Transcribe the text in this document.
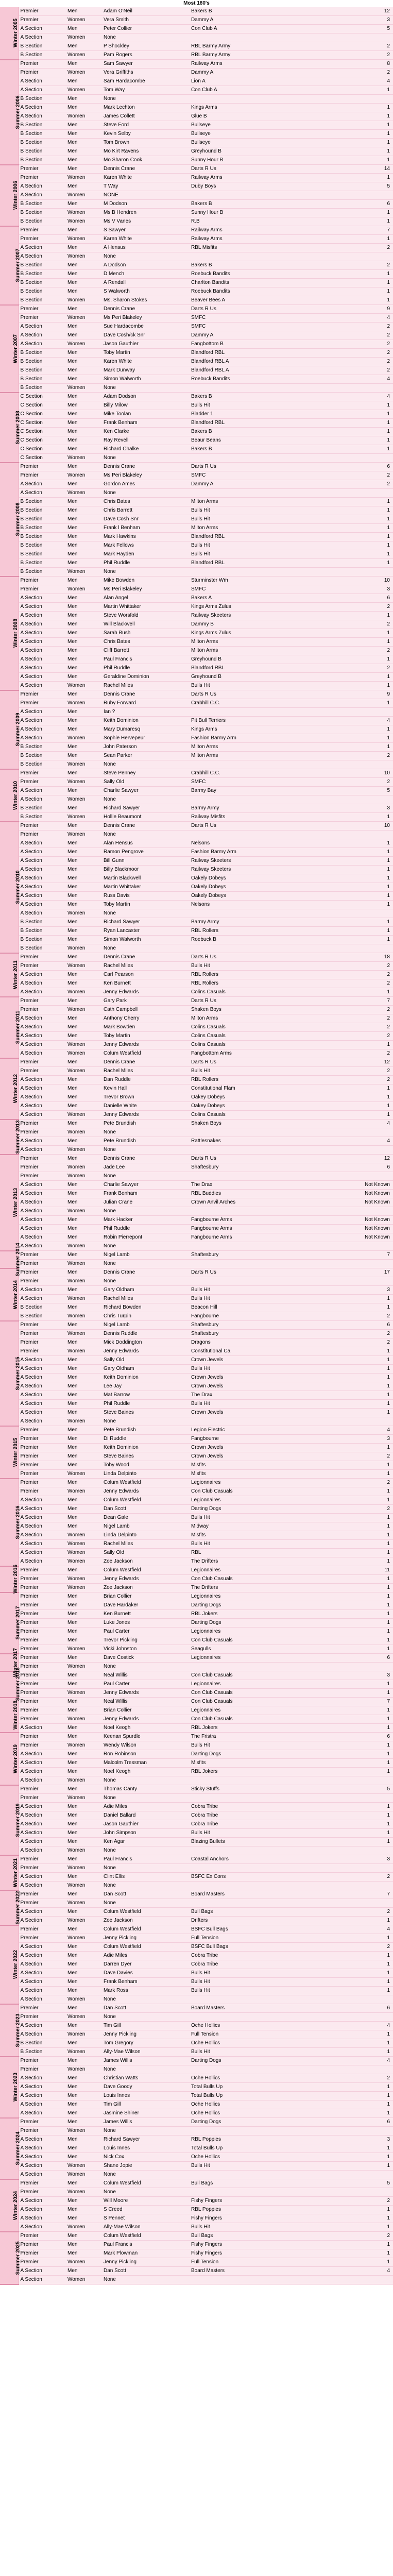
Most 180's
Winter 2005	Premier	Men	Adam O'Neil	Bakers B	12
	Premier	Women	Vera Smith	Dammy A	3
	A Section	Men	Peter Collier	Con Club A	5
	A Section	Women	None		
	B Section	Men	P Shockley	RBL Barmy Army	2
	B Section	Women	Pam Rogers	RBL Barmy Army	2
Summer 2006	Premier	Men	Sam Sawyer	Railway Arms	8
	Premier	Women	Vera Griffiths	Dammy A	2
	A Section	Men	Sam Hardacombe	Lion A	4
	A Section	Women	Tom Way	Con Club A	1
	B Section	Men	None		
	A Section	Men	Mark Lechton	Kings Arms	1
	A Section	Women	James Collett	Glue B	1
	B Section	Men	Steve Ford	Bullseye	1
	B Section	Men	Kevin Selby	Bullseye	1
	B Section	Men	Tom Brown	Bullseye	1
	B Section	Men	Mo Kirt Ravens	Greyhound B	1
	B Section	Men	Mo Sharon Cook	Sunny Hour B	1
Winter 2006	Premier	Men	Dennis Crane	Darts R Us	14
	Premier	Women	Karen White	Railway Arms	1
	A Section	Men	T Way	Duby Boys	5
	A Section	Women	NONE		
	B Section	Men	M Dodson	Bakers B	6
	B Section	Women	Ms B Hendren	Sunny Hour B	1
	B Section	Women	Ms V Vanes	R.B	1
Summer 2007	Premier	Men	S Sawyer	Railway Arms	7
	Premier	Women	Karen White	Railway Arms	1
	A Section	Men	A Hensus	RBL Misfits	2
	A Section	Women	None		
	B Section	Men	A Dodson	Bakers B	2
	B Section	Men	D Mench	Roebuck Bandits	1
	B Section	Men	A Rendall	Charlton Bandits	1
	B Section	Men	S Walworth	Roebuck Bandits	1
	B Section	Women	Ms. Sharon Stokes	Beaver Bees A	1
Winter 2007	Premier	Men	Dennis Crane	Darts R Us	9
	Premier	Women	Ms Peri Blakeley	SMFC	4
	A Section	Men	Sue Hardacombe	SMFC	2
	A Section	Men	Dave Cosh/ck Snr	Dammy A	2
	A Section	Women	Jason Gauthier	Fangbottom B	2
	B Section	Men	Toby Martin	Blandford RBL	2
	B Section	Men	Karen White	Blandford RBL A	2
	B Section	Men	Mark Dunway	Blandford RBL A	2
	B Section	Men	Simon Walworth	Roebuck Bandits	4
	B Section	Women	None		
Summer 2008	C Section	Men	Adam Dodson	Bakers B	4
	C Section	Men	Billy Milow	Bulls Hit	1
	C Section	Men	Mike Toolan	Bladder 1	1
	C Section	Men	Frank Benham	Blandford RBL	1
	C Section	Men	Ken Clarke	Bakers B	1
	C Section	Men	Ray Revell	Beaur Beans	1
	C Section	Men	Richard Chalke	Bakers B	1
	C Section	Women	None		
Summer 2008	Premier	Men	Dennis Crane	Darts R Us	6
	Premier	Women	Ms Peri Blakeley	SMFC	2
	A Section	Men	Gordon Ames	Dammy A	2
	A Section	Women	None		
	B Section	Men	Chris Bates	Milton Arms	1
	B Section	Men	Chris Barrett	Bulls Hit	1
	B Section	Men	Dave Cosh Snr	Bulls Hit	1
	B Section	Men	Frank l Benham	Milton Arms	1
	B Section	Men	Mark Hawkins	Blandford RBL	1
	B Section	Men	Mark Fellows	Bulls Hit	1
	B Section	Men	Mark Hayden	Bulls Hit	1
	B Section	Men	Phil Ruddle	Blandford RBL	1
	B Section	Women	None		
Winter 2008	Premier	Men	Mike Bowden	Sturminster Wm	10
	Premier	Women	Ms Peri Blakeley	SMFC	3
	A Section	Men	Alan Angel	Bakers A	6
	A Section	Men	Martin Whittaker	Kings Arms Zulus	2
	A Section	Men	Steve Worsfold	Railway Skeeters	1
	A Section	Men	Will Blackwell	Dammy B	2
	A Section	Men	Sarah Bush	Kings Arms Zulus	1
	A Section	Men	Chris Bates	Milton Arms	1
	A Section	Men	Cliff Barrett	Milton Arms	2
	A Section	Men	Paul Francis	Greyhound B	1
	A Section	Men	Phil Ruddle	Blandford RBL	2
	A Section	Men	Geraldine Dominion	Greyhound B	1
	A Section	Women	Rachel Miles	Bulls Hit	1
Summer 2009	Premier	Men	Dennis Crane	Darts R Us	9
	Premier	Women	Ruby Forward	Crabhill C.C.	1
	A Section	Men	Ian ?		
	A Section	Men	Keith Dominion	Pit Bull Terriers	4
	A Section	Men	Mary Dumaresq	Kings Arms	1
	A Section	Women	Sophie Hervepeur	Fashion Barmy Arm	1
	B Section	Men	John Paterson	Milton Arms	1
	B Section	Men	Sean Parker	Milton Arms	2
	B Section	Women	None		
Winter 2010	Premier	Men	Steve Penney	Crabhill C.C.	10
	Premier	Women	Sally Old	SMFC	2
	A Section	Men	Charlie Sawyer	Barmy Bay	5
	A Section	Women	None		
	B Section	Men	Richard Sawyer	Barmy Army	3
	B Section	Women	Hollie Beaumont	Railway Misfits	1
Summer 2010	Premier	Men	Dennis Crane	Darts R Us	10
	Premier	Women	None		
	A Section	Men	Alan Hensus	Nelsons	1
	A Section	Men	Ramon Pengrove	Fashion Barmy Arm	1
	A Section	Men	Bill Gunn	Railway Skeeters	1
	A Section	Men	Billy Blackmoor	Railway Skeeters	1
	A Section	Men	Martin Blackwell	Oakely Dobeys	1
	A Section	Men	Martin Whittaker	Oakely Dobeys	1
	A Section	Men	Russ Davis	Oakely Dobeys	1
	A Section	Men	Toby Martin	Nelsons	1
	A Section	Women	None		
	B Section	Men	Richard Sawyer	Barmy Army	1
	B Section	Men	Ryan Lancaster	RBL Rollers	1
	B Section	Men	Simon Walworth	Roebuck B	1
	B Section	Women	None		
Winter 2011	Premier	Men	Dennis Crane	Darts R Us	18
	Premier	Women	Rachel Miles	Bulls Hit	2
	A Section	Men	Carl Pearson	RBL Rollers	2
	A Section	Men	Ken Burnett	RBL Rollers	2
	A Section	Women	Jenny Edwards	Colins Casuals	1
Summer 2011	Premier	Men	Gary Park	Darts R Us	7
	Premier	Women	Cath Campbell	Shaken Boys	2
	A Section	Men	Anthony Cherry	Milton Arms	2
	A Section	Men	Mark Bowden	Colins Casuals	2
	A Section	Men	Toby Martin	Colins Casuals	2
	A Section	Women	Jenny Edwards	Colins Casuals	1
	A Section	Women	Colum Westfield	Fangbottom Arms	2
Winter 2012	Premier	Men	Dennis Crane	Darts R Us	12
	Premier	Women	Rachel Miles	Bulls Hit	2
	A Section	Men	Dan Ruddle	RBL Rollers	2
	A Section	Men	Kevin Hall	Constitutional Flam	1
	A Section	Men	Trevor Brown	Oakey Dobeys	1
	A Section	Men	Danielle White	Oakey Dobeys	1
	A Section	Women	Jenny Edwards	Colins Casuals	1
Summer 2013	Premier	Men	Pete Brundish	Shaken Boys	4
	Premier	Women	None		
	A Section	Men	Pete Brundish	Rattlesnakes	4
	A Section	Women	None		
Winter 2013	Premier	Men	Dennis Crane	Darts R Us	12
	Premier	Women	Jade Lee	Shaftesbury	6
	Premier	Women	None		
	A Section	Men	Charlie Sawyer	The Drax	Not Known
	A Section	Men	Frank Benham	RBL Buddies	Not Known
	A Section	Men	Julian Crane	Crown Anvil Arches	Not Known
	A Section	Women	None		
	A Section	Men	Mark Hacker	Fangbourne Arms	Not Known
	A Section	Men	Phil Ruddle	Fangbourne Arms	Not Known
	A Section	Men	Robin Pierrepont	Fangbourne Arms	Not Known
	A Section	Women	None		
Summer 2014	Premier	Men	Nigel Lamb	Shaftesbury	7
	Premier	Women	None		
Winter 2014	Premier	Men	Dennis Crane	Darts R Us	17
	Premier	Women	None		
	A Section	Men	Gary Oldham	Bulls Hit	3
	A Section	Women	Rachel Miles	Bulls Hit	1
	B Section	Men	Richard Bowden	Beacon Hill	1
	B Section	Women	Chris Turpin	Fangbourne	2
Summer 2015	Premier	Men	Nigel Lamb	Shaftesbury	6
	Premier	Women	Dennis Ruddle	Shaftesbury	2
	Premier	Men	Mick Doddington	Dragons	2
	Premier	Women	Jenny Edwards	Constitutional Ca	1
	A Section	Men	Sally Old	Crown Jewels	1
	A Section	Men	Gary Oldham	Bulls Hit	1
	A Section	Men	Keith Dominion	Crown Jewels	1
	A Section	Men	Lee Jay	Crown Jewels	1
	A Section	Men	Mat Barrow	The Drax	1
	A Section	Men	Phil Ruddle	Bulls Hit	1
	A Section	Men	Steve Baines	Crown Jewels	1
	A Section	Women	None		
Winter 2015	Premier	Men	Pete Brundish	Legion Electric	4
	Premier	Men	Di Ruddle	Fangbourne	3
	Premier	Men	Keith Dominion	Crown Jewels	1
	Premier	Men	Steve Baines	Crown Jewels	2
	Premier	Men	Toby Wood	Misfits	1
	Premier	Women	Linda Delpinto	Misfits	1
Summer 2016	Premier	Men	Colum Westfield	Legionnaires	2
	Premier	Women	Jenny Edwards	Con Club Casuals	1
	A Section	Men	Colum Westfield	Legionnaires	1
	A Section	Men	Dan Scott	Darting Dogs	2
	A Section	Men	Dean Gale	Bulls Hit	1
	A Section	Men	Nigel Lamb	Midway	1
	A Section	Women	Linda Delpinto	Misfits	1
	A Section	Women	Rachel Miles	Bulls Hit	1
	A Section	Women	Sally Old	RBL	1
	A Section	Women	Zoe Jackson	The Drifters	1
Winter 2016	Premier	Men	Colum Westfield	Legionnaires	11
	Premier	Women	Jenny Edwards	Con Club Casuals	1
	Premier	Women	Zoe Jackson	The Drifters	1
Summer 2017	Premier	Men	Brian Collier	Legionnaires	1
	Premier	Men	Dave Hardaker	Darting Dogs	1
	Premier	Men	Ken Burnett	RBL Jokers	1
	Premier	Men	Luke Jones	Darting Dogs	1
	Premier	Men	Paul Carter	Legionnaires	1
	Premier	Men	Trevor Pickling	Con Club Casuals	1
	Premier	Women	Vicki Johnston	Seagulls	1
Winter 2017	Premier	Men	Dave Costick	Legionnaires	6
	Premier	Women	None		
Summer 2018	Premier	Men	Neal Willis	Con Club Casuals	3
	Premier	Men	Paul Carter	Legionnaires	1
	Premier	Women	Jenny Edwards	Con Club Casuals	1
Winter 2018	Premier	Men	Neal Willis	Con Club Casuals	7
	Premier	Men	Brian Collier	Legionnaires	1
	Premier	Women	Jenny Edwards	Con Club Casuals	1
	A Section	Men	Noel Keogh	RBL Jokers	1
Winter 2019	Premier	Men	Keenan Spurdle	The Fristra	6
	Premier	Women	Wendy Wilson	Bulls Hit	1
	A Section	Men	Ron Robinson	Darting Dogs	1
	A Section	Men	Malcolm Tressman	Misfits	1
	A Section	Men	Noel Keogh	RBL Jokers	1
	A Section	Women	None		
Summer 2019	Premier	Men	Thomas Canty	Sticky Stuffs	5
	Premier	Women	None		
	A Section	Men	Adie Miles	Cobra Tribe	1
	A Section	Men	Daniel Ballard	Cobra Tribe	1
	A Section	Men	Jason Gauthier	Cobra Tribe	1
	A Section	Men	John Simpson	Bulls Hit	1
	A Section	Men	Ken Agar	Blazing Bullets	1
	A Section	Women	None		
Winter 2021	Premier	Men	Paul Francis	Coastal Anchors	3
	Premier	Women	None		
	A Section	Men	Clint Ellis	BSFC Ex Cons	2
	A Section	Women	None		
Summer 2022	Premier	Men	Dan Scott	Board Masters	7
	Premier	Women	None		
	A Section	Men	Colum Westfield	Bull Bags	2
	A Section	Women	Zoe Jackson	Drifters	1
Winter 2022	Premier	Men	Colum Westfield	BSFC Bull Bags	4
	Premier	Women	Jenny Pickling	Full Tension	1
	A Section	Men	Colum Westfield	BSFC Bull Bags	2
	A Section	Men	Adie Miles	Cobra Tribe	1
	A Section	Men	Darren Dyer	Cobra Tribe	1
	A Section	Men	Dave Davies	Bulls Hit	1
	A Section	Men	Frank Benham	Bulls Hit	1
	A Section	Men	Mark Ross	Bulls Hit	1
	A Section	Women	None		
Summer 2023	Premier	Men	Dan Scott	Board Masters	6
	Premier	Women	None		
	A Section	Men	Tim Gill	Oche Hollics	4
	A Section	Women	Jenny Pickling	Full Tension	1
	B Section	Men	Tom Gregory	Oche Hollics	1
	B Section	Women	Ally-Mae Wilson	Bulls Hit	1
Winter 2023	Premier	Men	James Willis	Darting Dogs	4
	Premier	Women	None		
	A Section	Men	Christian Watts	Oche Hollics	2
	A Section	Men	Dave Goody	Total Bulls Up	1
	A Section	Men	Louis Innes	Total Bulls Up	1
	A Section	Men	Tim Gill	Oche Hollics	1
	A Section	Men	Jasmine Shiner	Oche Hollics	1
Summer 2024	Premier	Men	James Willis	Darting Dogs	6
	Premier	Women	None		
	A Section	Men	Richard Sawyer	RBL Poppies	3
	A Section	Men	Louis Innes	Total Bulls Up	1
	A Section	Men	Nick Cox	Oche Hollics	1
	A Section	Women	Shane Jopie	Bulls Hit	1
	A Section	Women	None		
Winter 2024	Premier	Men	Colum Westfield	Bull Bags	5
	Premier	Women	None		
	A Section	Men	Will Moore	Fishy Fingers	2
	A Section	Men	S Creed	RBL Poppies	1
	A Section	Men	S Pennet	Fishy Fingers	1
	A Section	Women	Ally-Mae Wilson	Bulls Hit	1
Summer 2025	Premier	Men	Colum Westfield	Bull Bags	2
	Premier	Men	Paul Francis	Fishy Fingers	1
	Premier	Men	Mark Plowman	Fishy Fingers	1
	Premier	Women	Jenny Pickling	Full Tension	1
	A Section	Men	Dan Scott	Board Masters	4
	A Section	Women	None		
